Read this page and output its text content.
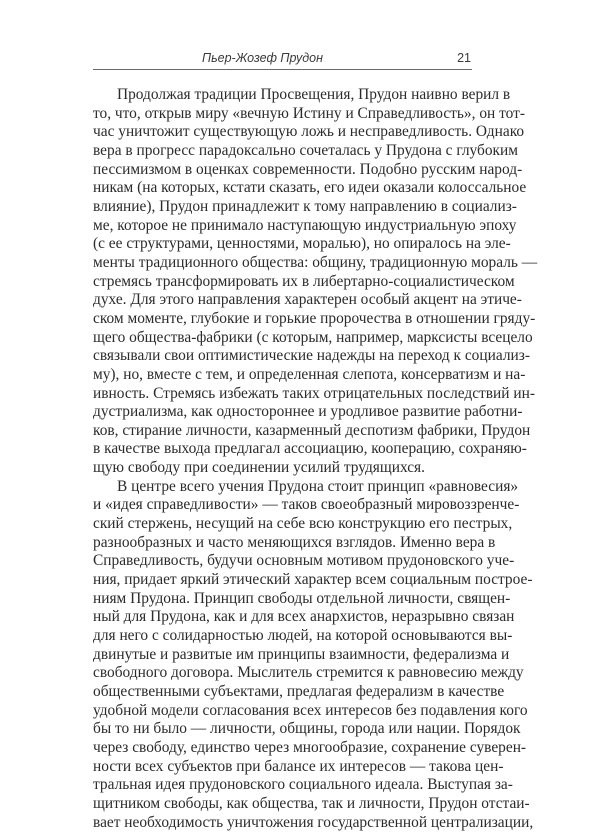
Пьер-Жозеф Прудон	21
Продолжая традиции Просвещения, Прудон наивно верил в
то, что, открыв миру «вечную Истину и Справедливость», он тот-
час уничтожит существующую ложь и несправедливость. Однако
вера в прогресс парадоксально сочеталась у Прудона с глубоким
пессимизмом в оценках современности. Подобно русским народ-
никам (на которых, кстати сказать, его идеи оказали колоссальное
влияние), Прудон принадлежит к тому направлению в социализ-
ме, которое не принимало наступающую индустриальную эпоху
(с ее структурами, ценностями, моралью), но опиралось на эле-
менты традиционного общества: общину, традиционную мораль —
стремясь трансформировать их в либертарно-социалистическом
духе. Для этого направления характерен особый акцент на этиче-
ском моменте, глубокие и горькие пророчества в отношении гряду-
щего общества-фабрики (с которым, например, марксисты всецело
связывали свои оптимистические надежды на переход к социализ-
му), но, вместе с тем, и определенная слепота, консерватизм и на-
ивность. Стремясь избежать таких отрицательных последствий ин-
дустриализма, как одностороннее и уродливое развитие работни-
ков, стирание личности, казарменный деспотизм фабрики, Прудон
в качестве выхода предлагал ассоциацию, кооперацию, сохраняю-
щую свободу при соединении усилий трудящихся.
В центре всего учения Прудона стоит принцип «равновесия»
и «идея справедливости» — таков своеобразный мировоззренче-
ский стержень, несущий на себе всю конструкцию его пестрых,
разнообразных и часто меняющихся взглядов. Именно вера в
Справедливость, будучи основным мотивом прудоновского уче-
ния, придает яркий этический характер всем социальным построе-
ниям Прудона. Принцип свободы отдельной личности, священ-
ный для Прудона, как и для всех анархистов, неразрывно связан
для него с солидарностью людей, на которой основываются вы-
двинутые и развитые им принципы взаимности, федерализма и
свободного договора. Мыслитель стремится к равновесию между
общественными субъектами, предлагая федерализм в качестве
удобной модели согласования всех интересов без подавления кого
бы то ни было — личности, общины, города или нации. Порядок
через свободу, единство через многообразие, сохранение суверен-
ности всех субъектов при балансе их интересов — такова цен-
тральная идея прудоновского социального идеала. Выступая за-
щитником свободы, как общества, так и личности, Прудон отстаи-
вает необходимость уничтожения государственной централизации,
